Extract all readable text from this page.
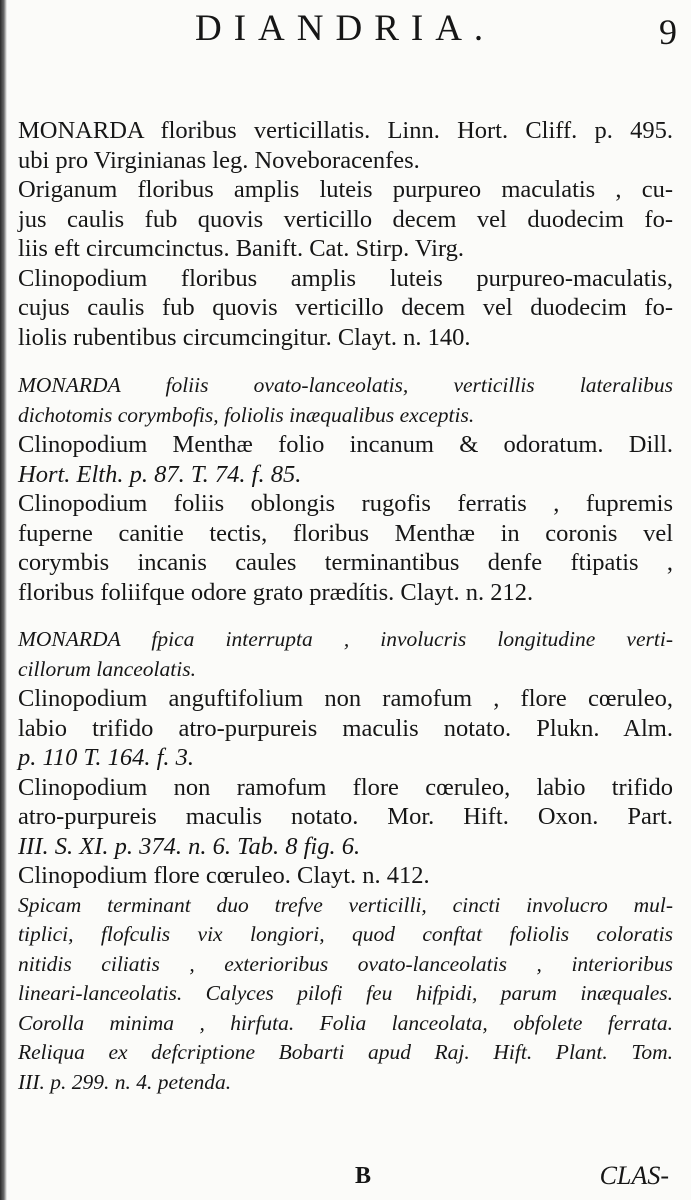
DIANDRIA.	9
MONARDA floribus verticillatis. Linn. Hort. Cliff. p. 495.
ubi pro Virginianas leg. Noveboracenfes.
Origanum floribus amplis luteis purpureo maculatis , cu-
jus caulis fub quovis verticillo decem vel duodecim fo-
liis eft circumcinctus. Banift. Cat. Stirp. Virg.
Clinopodium floribus amplis luteis purpureo-maculatis,
cujus caulis fub quovis verticillo decem vel duodecim fo-
liolis rubentibus circumcingitur. Clayt. n. 140.
MONARDA foliis ovato-lanceolatis, verticillis lateralibus
dichotomis corymbofis, foliolis inæqualibus exceptis.
Clinopodium Menthæ folio incanum & odoratum. Dill.
Hort. Elth. p. 87. T. 74. f. 85.
Clinopodium foliis oblongis rugofis ferratis , fupremis
fuperne canitie tectis, floribus Menthæ in coronis vel
corymbis incanis caules terminantibus denfe ftipatis ,
floribus foliifque odore grato prædítis. Clayt. n. 212.
MONARDA fpica interrupta , involucris longitudine verti-
cillorum lanceolatis.
Clinopodium anguftifolium non ramofum , flore cœruleo,
labio trifido atro-purpureis maculis notato. Plukn. Alm.
p. 110 T. 164. f. 3.
Clinopodium non ramofum flore cœruleo, labio trifido
atro-purpureis maculis notato. Mor. Hift. Oxon. Part.
III. S. XI. p. 374. n. 6. Tab. 8 fig. 6.
Clinopodium flore cœruleo. Clayt. n. 412.
Spicam terminant duo trefve verticilli, cincti involucro mul-
tiplici, flofculis vix longiori, quod conftat foliolis coloratis
nitidis ciliatis , exterioribus ovato-lanceolatis , interioribus
lineari-lanceolatis. Calyces pilofi feu hifpidi, parum inæquales.
Corolla minima , hirfuta. Folia lanceolata, obfolete ferrata.
Reliqua ex defcriptione Bobarti apud Raj. Hift. Plant. Tom.
III. p. 299. n. 4. petenda.
B	CLAS-
